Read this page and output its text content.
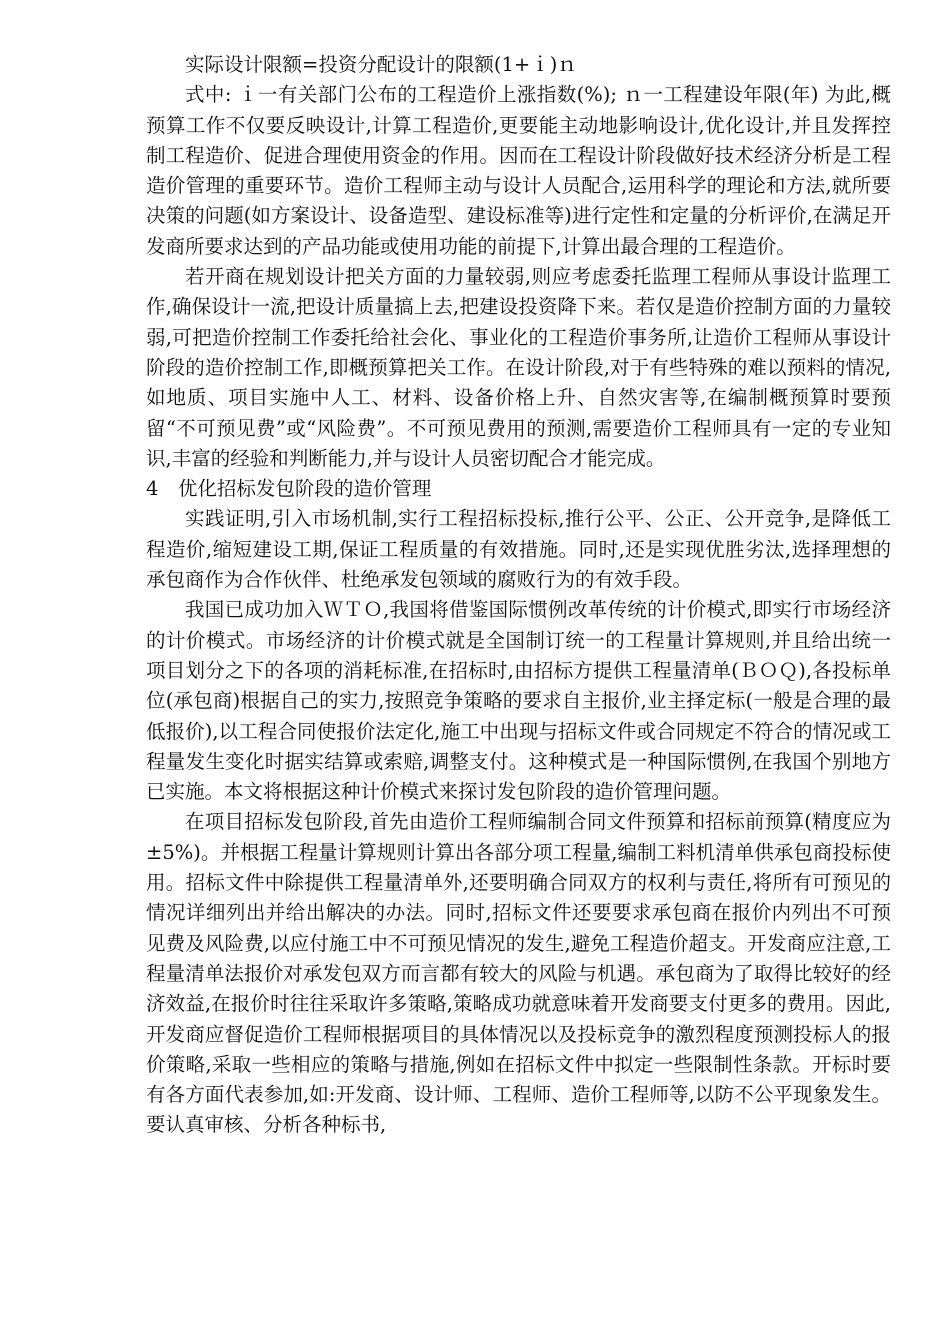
实际设计限额=投资分配设计的限额(1+ｉ)ｎ

式中: ｉ一有关部门公布的工程造价上涨指数(%); ｎ一工程建设年限(年) 为此,概预算工作不仅要反映设计,计算工程造价,更要能主动地影响设计,优化设计,并且发挥控制工程造价、促进合理使用资金的作用。因而在工程设计阶段做好技术经济分析是工程造价管理的重要环节。造价工程师主动与设计人员配合,运用科学的理论和方法,就所要决策的问题(如方案设计、设备造型、建设标准等)进行定性和定量的分析评价,在满足开发商所要求达到的产品功能或使用功能的前提下,计算出最合理的工程造价。

若开商在规划设计把关方面的力量较弱,则应考虑委托监理工程师从事设计监理工作,确保设计一流,把设计质量搞上去,把建设投资降下来。若仅是造价控制方面的力量较弱,可把造价控制工作委托给社会化、事业化的工程造价事务所,让造价工程师从事设计阶段的造价控制工作,即概预算把关工作。在设计阶段,对于有些特殊的难以预料的情况,如地质、项目实施中人工、材料、设备价格上升、自然灾害等,在编制概预算时要预留“不可预见费”或“风险费”。不可预见费用的预测,需要造价工程师具有一定的专业知识,丰富的经验和判断能力,并与设计人员密切配合才能完成。

4　优化招标发包阶段的造价管理

实践证明,引入市场机制,实行工程招标投标,推行公平、公正、公开竞争,是降低工程造价,缩短建设工期,保证工程质量的有效措施。同时,还是实现优胜劣汰,选择理想的承包商作为合作伙伴、杜绝承发包领域的腐败行为的有效手段。

我国已成功加入ＷＴＯ,我国将借鉴国际惯例改革传统的计价模式,即实行市场经济的计价模式。市场经济的计价模式就是全国制订统一的工程量计算规则,并且给出统一项目划分之下的各项的消耗标准,在招标时,由招标方提供工程量清单(ＢＯＱ),各投标单位(承包商)根据自己的实力,按照竞争策略的要求自主报价,业主择定标(一般是合理的最低报价),以工程合同使报价法定化,施工中出现与招标文件或合同规定不符合的情况或工程量发生变化时据实结算或索赔,调整支付。这种模式是一种国际惯例,在我国个别地方已实施。本文将根据这种计价模式来探讨发包阶段的造价管理问题。

在项目招标发包阶段,首先由造价工程师编制合同文件预算和招标前预算(精度应为±5%)。并根据工程量计算规则计算出各部分项工程量,编制工料机清单供承包商投标使用。招标文件中除提供工程量清单外,还要明确合同双方的权利与责任,将所有可预见的情况详细列出并给出解决的办法。同时,招标文件还要要求承包商在报价内列出不可预见费及风险费,以应付施工中不可预见情况的发生,避免工程造价超支。开发商应注意,工程量清单法报价对承发包双方而言都有较大的风险与机遇。承包商为了取得比较好的经济效益,在报价时往往采取许多策略,策略成功就意味着开发商要支付更多的费用。因此,开发商应督促造价工程师根据项目的具体情况以及投标竞争的激烈程度预测投标人的报价策略,采取一些相应的策略与措施,例如在招标文件中拟定一些限制性条款。开标时要有各方面代表参加,如:开发商、设计师、工程师、造价工程师等,以防不公平现象发生。要认真审核、分析各种标书,
